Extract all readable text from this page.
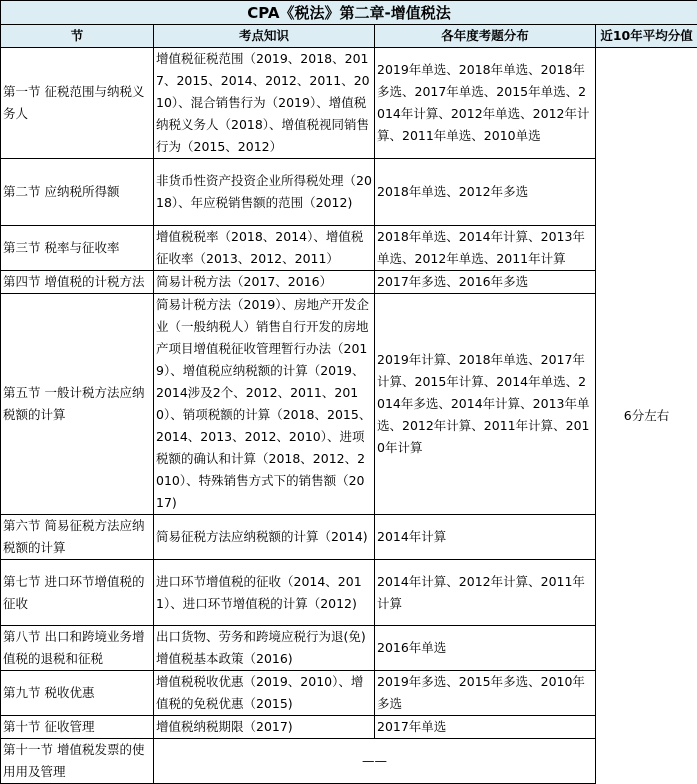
CPA《税法》第二章-增值税法			
节	考点知识	各年度考题分布	近10年平均分值
第一节 征税范围与纳税义务人	增值税征税范围（2019、2018、2017、2015、2014、2012、2011、2010）、混合销售行为（2019）、增值税纳税义务人（2018）、增值税视同销售行为（2015、2012）	2019年单选、2018年单选、2018年多选、2017年单选、2015年单选、2014年计算、2012年单选、2012年计算、2011年单选、2010单选	6分左右
第二节 应纳税所得额	非货币性资产投资企业所得税处理（2018）、年应税销售额的范围（2012)	2018年单选、2012年多选	
第三节 税率与征收率	增值税税率（2018、2014）、增值税征收率（2013、2012、2011）	2018年单选、2014年计算、2013年单选、2012年单选、2011年计算	
第四节 增值税的计税方法	简易计税方法（2017、2016）	2017年多选、2016年多选	
第五节 一般计税方法应纳税额的计算	简易计税方法（2019）、房地产开发企业（一般纳税人）销售自行开发的房地产项目增值税征收管理暂行办法（2019）、增值税应纳税额的计算（2019、2014涉及2个、2012、2011、2010）、销项税额的计算（2018、2015、2014、2013、2012、2010）、进项税额的确认和计算（2018、2012、2010）、特殊销售方式下的销售额（2017)	2019年计算、2018年单选、2017年计算、2015年计算、2014年单选、2014年多选、2014年计算、2013年单选、2012年计算、2011年计算、2010年计算	
第六节 简易征税方法应纳税额的计算	简易征税方法应纳税额的计算（2014)	2014年计算	
第七节 进口环节增值税的征收	进口环节增值税的征收（2014、2011）、进口环节增值税的计算（2012)	2014年计算、2012年计算、2011年计算	
第八节 出口和跨境业务增值税的退税和征税	出口货物、劳务和跨境应税行为退(免)增值税基本政策（2016)	2016年单选	
第九节 税收优惠	增值税税收优惠（2019、2010）、增值税的免税优惠（2015)	2019年多选、2015年多选、2010年多选	
第十节 征收管理	增值税纳税期限（2017)	2017年单选	
第十一节 增值税发票的使用用及管理	——		
